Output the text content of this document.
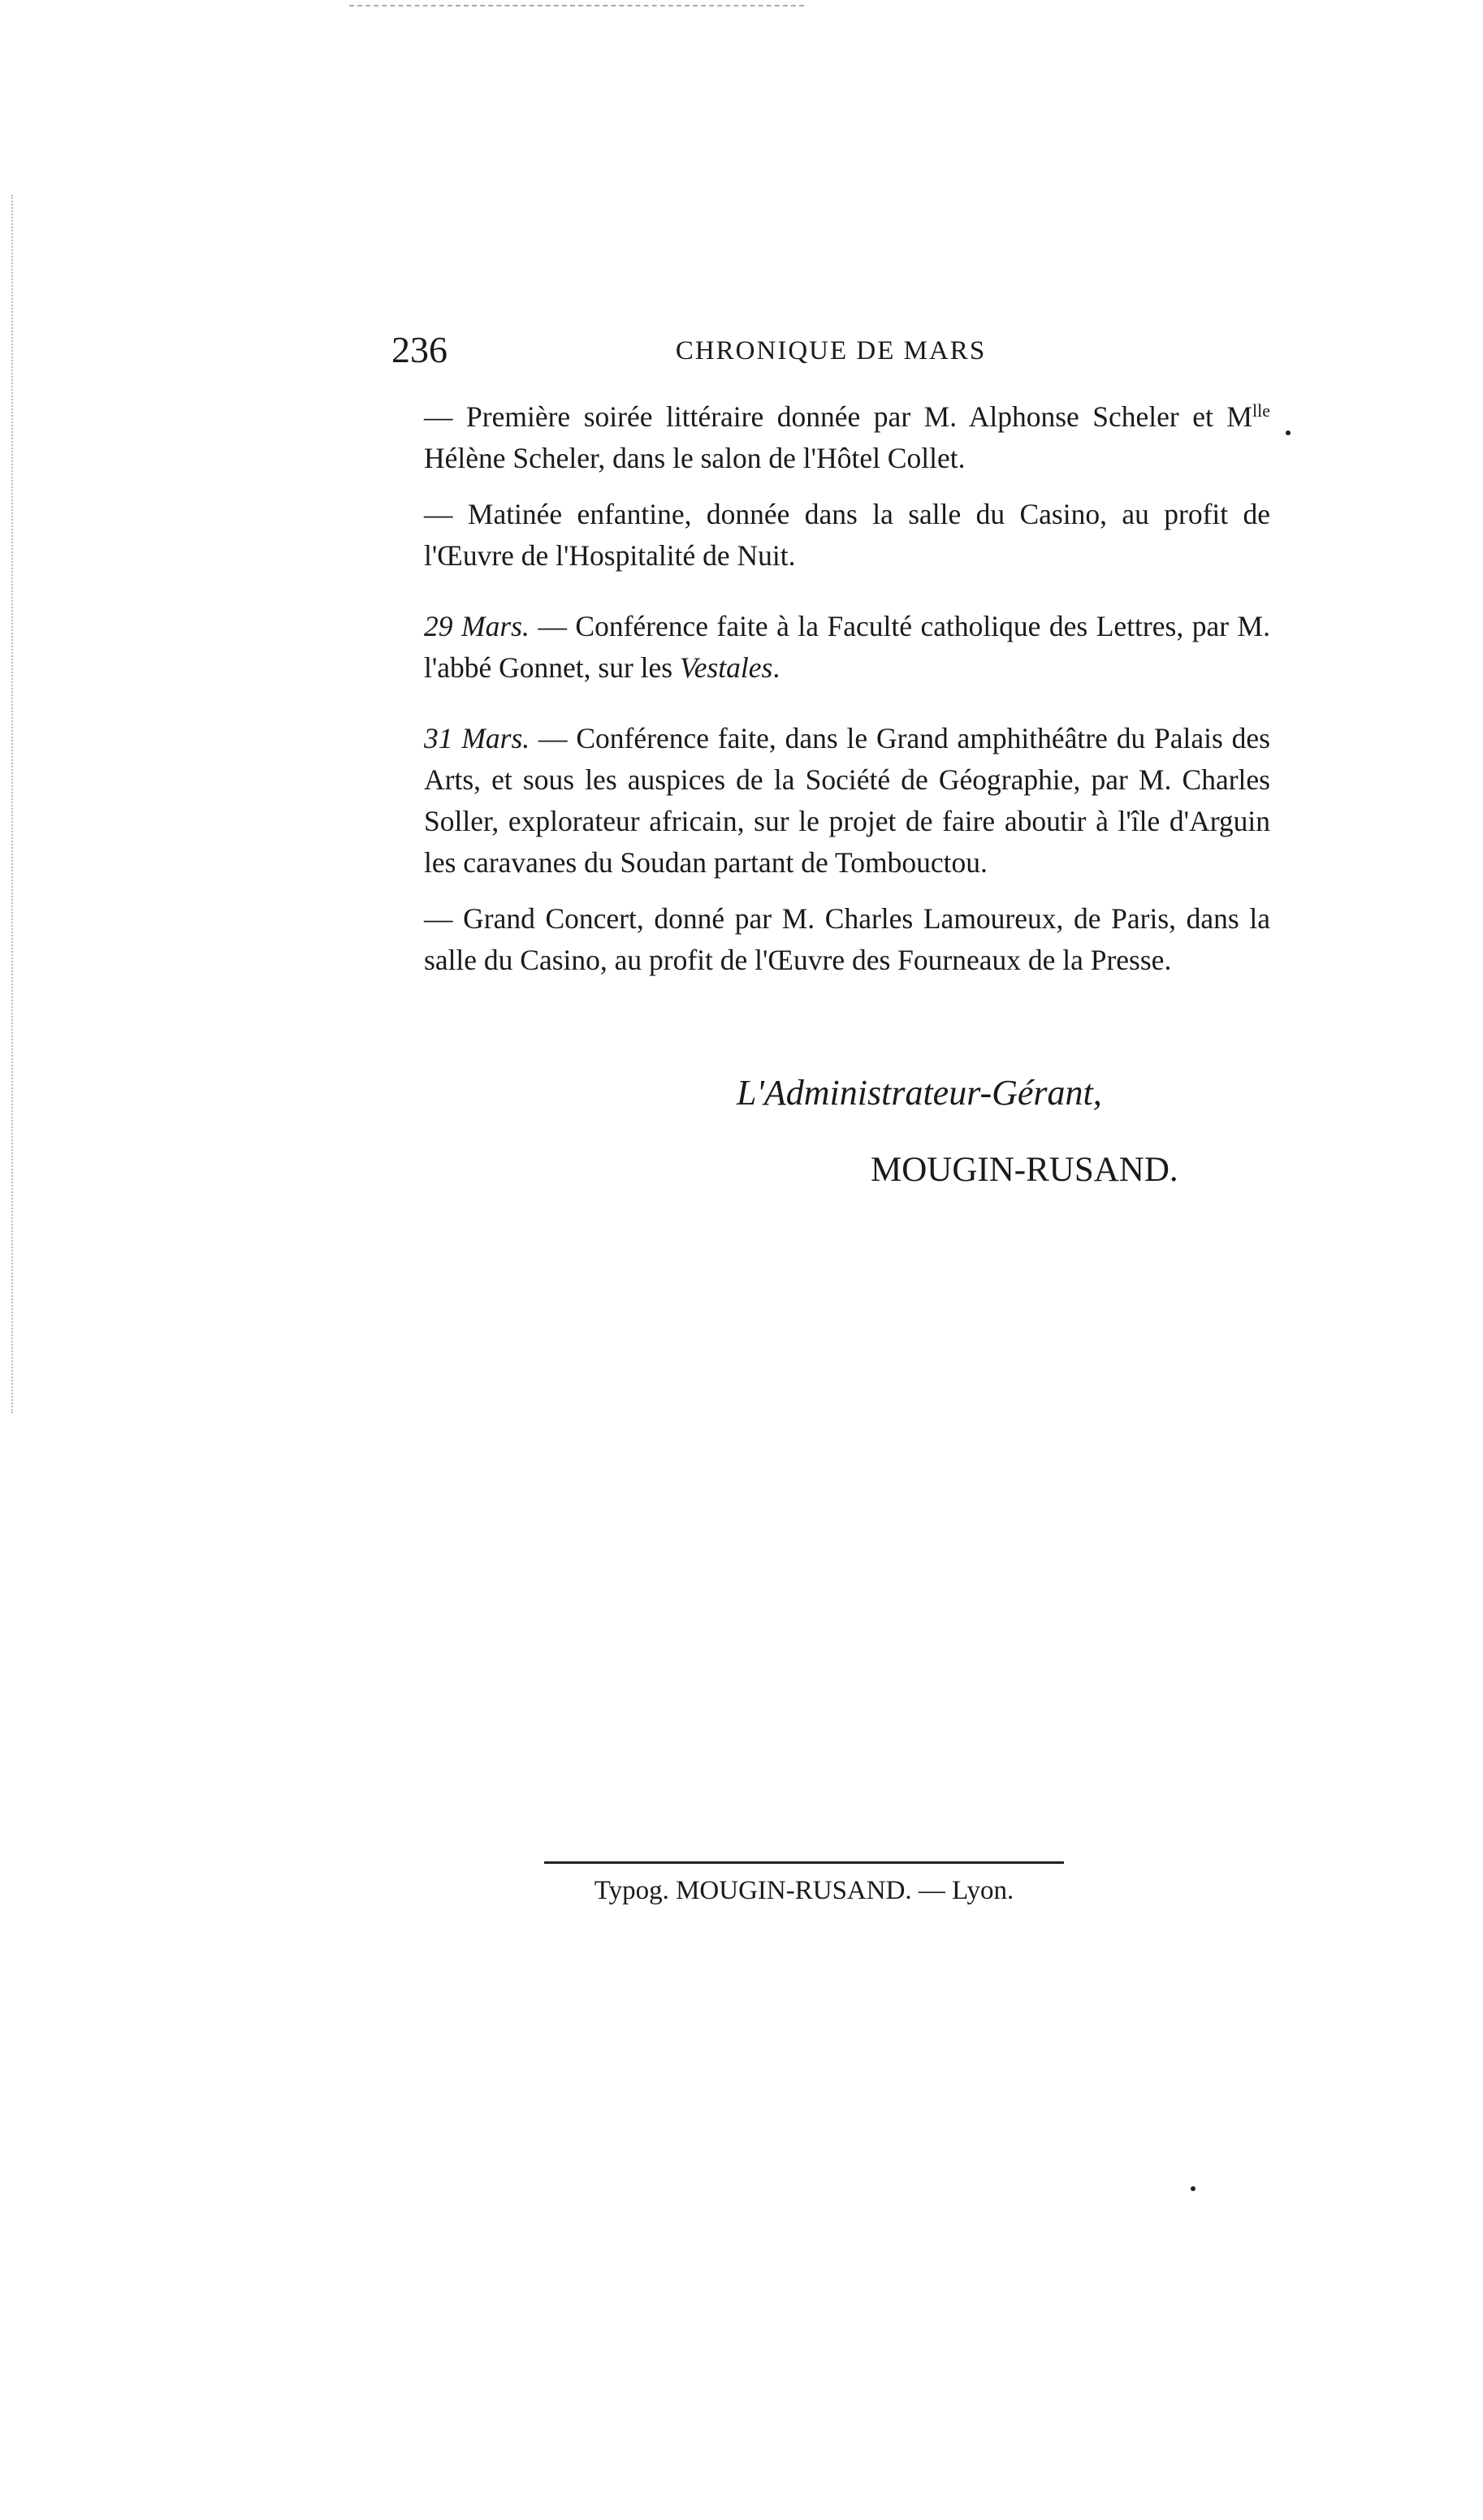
236	CHRONIQUE DE MARS

— Première soirée littéraire donnée par M. Alphonse Scheler et $M^{lle}$ Hélène Scheler, dans le salon de l'Hôtel Collet.

— Matinée enfantine, donnée dans la salle du Casino, au profit de l'Œuvre de l'Hospitalité de Nuit.

29 Mars. — Conférence faite à la Faculté catholique des Lettres, par M. l'abbé Gonnet, sur les Vestales.

31 Mars. — Conférence faite, dans le Grand amphithéâtre du Palais des Arts, et sous les auspices de la Société de Géographie, par M. Charles Soller, explorateur africain, sur le projet de faire aboutir à l'île d'Arguin les caravanes du Soudan partant de Tombouctou.

— Grand Concert, donné par M. Charles Lamoureux, de Paris, dans la salle du Casino, au profit de l'Œuvre des Fourneaux de la Presse.

L'Administrateur-Gérant,
MOUGIN-RUSAND.
Typog. MOUGIN-RUSAND. — Lyon.
